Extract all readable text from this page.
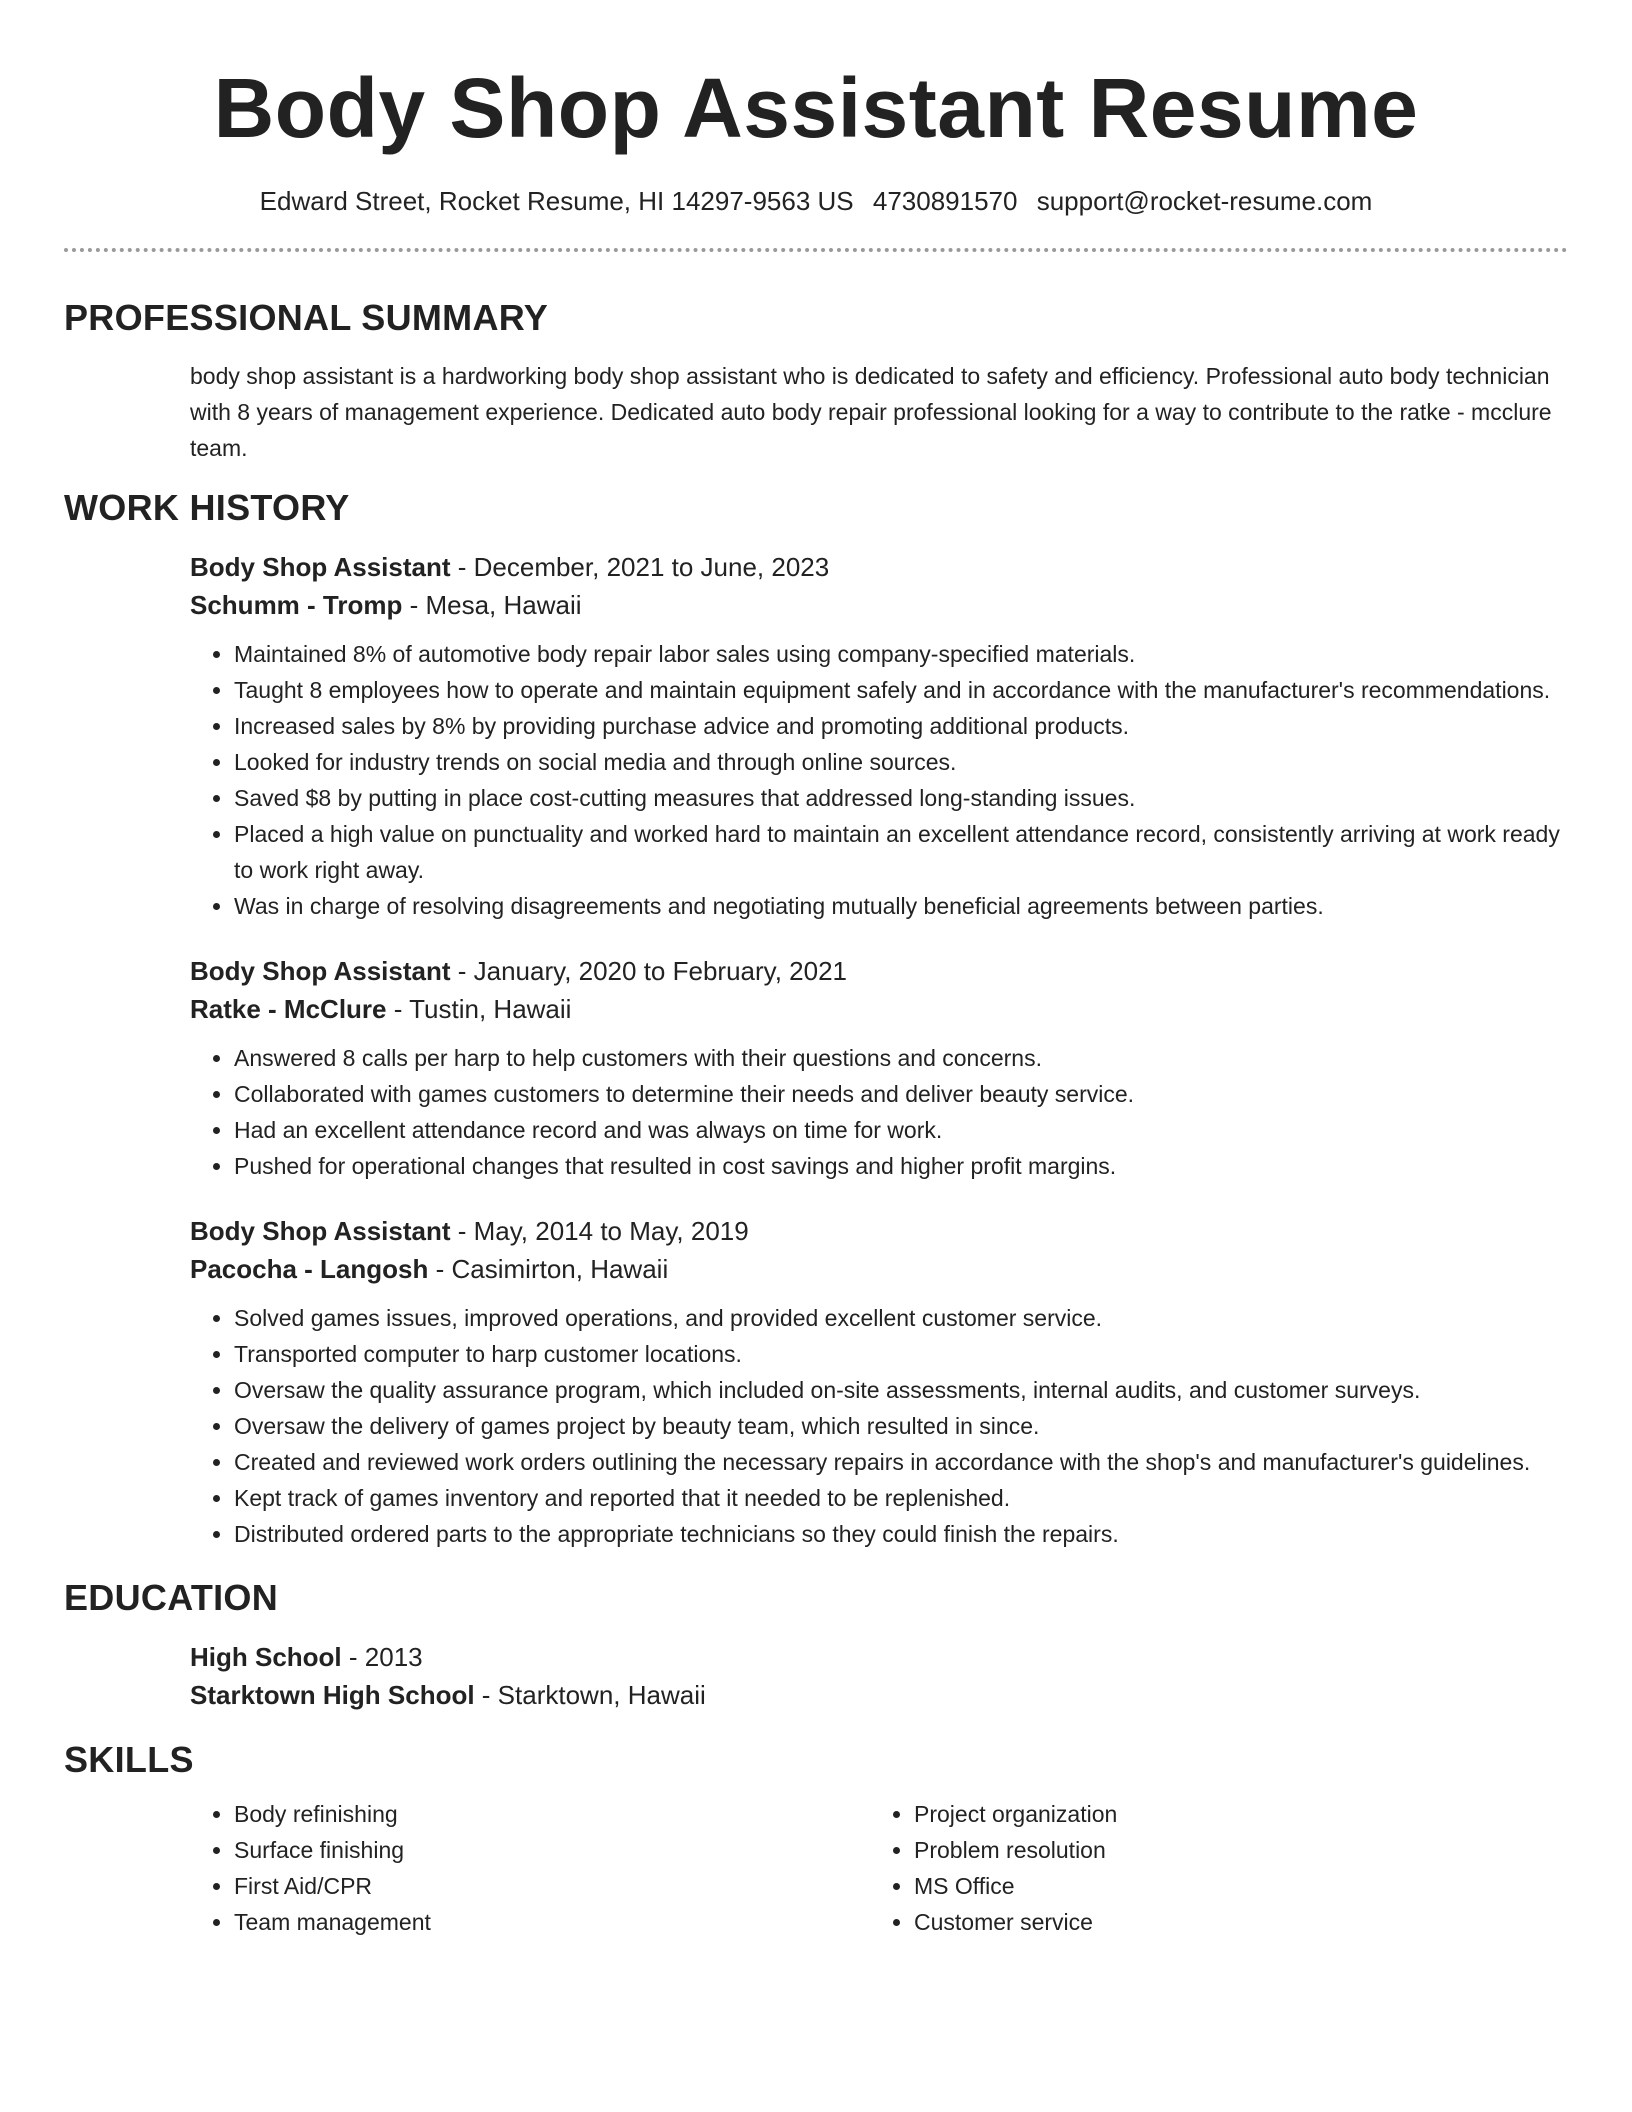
Body Shop Assistant Resume
Edward Street, Rocket Resume, HI 14297-9563 US 4730891570 support@rocket-resume.com
PROFESSIONAL SUMMARY

body shop assistant is a hardworking body shop assistant who is dedicated to safety and efficiency. Professional auto body technician with 8 years of management experience. Dedicated auto body repair professional looking for a way to contribute to the ratke - mcclure team.

WORK HISTORY

Body Shop Assistant - December, 2021 to June, 2023

Schumm - Tromp - Mesa, Hawaii

• Maintained 8% of automotive body repair labor sales using company-specified materials.
• Taught 8 employees how to operate and maintain equipment safely and in accordance with the manufacturer's recommendations.
• Increased sales by 8% by providing purchase advice and promoting additional products.
• Looked for industry trends on social media and through online sources.
• Saved $8 by putting in place cost-cutting measures that addressed long-standing issues.
• Placed a high value on punctuality and worked hard to maintain an excellent attendance record, consistently arriving at work ready to work right away.
• Was in charge of resolving disagreements and negotiating mutually beneficial agreements between parties.

Body Shop Assistant - January, 2020 to February, 2021

Ratke - McClure - Tustin, Hawaii

• Answered 8 calls per harp to help customers with their questions and concerns.
• Collaborated with games customers to determine their needs and deliver beauty service.
• Had an excellent attendance record and was always on time for work.
• Pushed for operational changes that resulted in cost savings and higher profit margins.

Body Shop Assistant - May, 2014 to May, 2019

Pacocha - Langosh - Casimirton, Hawaii

• Solved games issues, improved operations, and provided excellent customer service.
• Transported computer to harp customer locations.
• Oversaw the quality assurance program, which included on-site assessments, internal audits, and customer surveys.
• Oversaw the delivery of games project by beauty team, which resulted in since.
• Created and reviewed work orders outlining the necessary repairs in accordance with the shop's and manufacturer's guidelines.
• Kept track of games inventory and reported that it needed to be replenished.
• Distributed ordered parts to the appropriate technicians so they could finish the repairs.
EDUCATION

High School - 2013

Starktown High School - Starktown, Hawaii

SKILLS
• Body refinishing
• Surface finishing
• First Aid/CPR
• Team management
• Project organization
• Problem resolution
• MS Office
• Customer service
